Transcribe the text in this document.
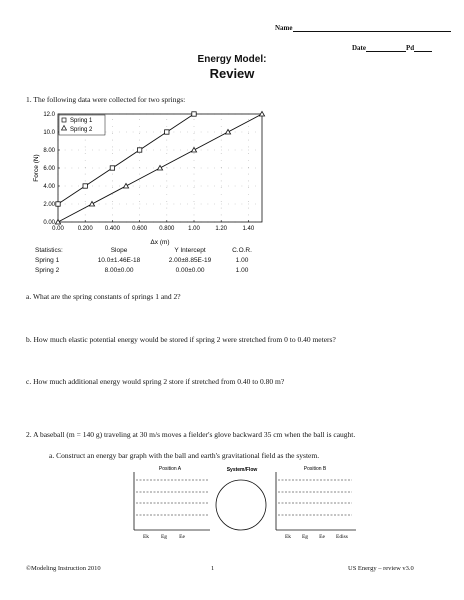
Name
Date	Pd
Energy Model:
Review
1. The following data were collected for two springs:
0.00 0.200 0.400 0.600 0.800 1.00	1.20	1.40
0.00
2.00
4.00
6.00
8.00
10.0
12.0
Δx (m)
Force (N)
Spring 1
Spring 2
Statistics:	Slope	Y Intercept	C.O.R.
Spring 1	10.0±1.46E-18	2.00±8.85E-19	1.00
Spring 2	8.00±0.00	0.00±0.00	1.00
a. What are the spring constants of springs 1 and 2?
b. How much elastic potential energy would be stored if spring 2 were stretched from 0 to 0.40 meters?
c. How much additional energy would spring 2 store if stretched from 0.40 to 0.80 m?
2. A baseball (m = 140 g) traveling at 30 m/s moves a fielder's glove backward 35 cm when the ball is caught.
a. Construct an energy bar graph with the ball and earth's gravitational field as the system.
Position A	System/Flow	Position B
Ek Eg Ee	Ek Eg Ee Ediss
©Modeling Instruction 2010	1	US Energy – review v3.0
